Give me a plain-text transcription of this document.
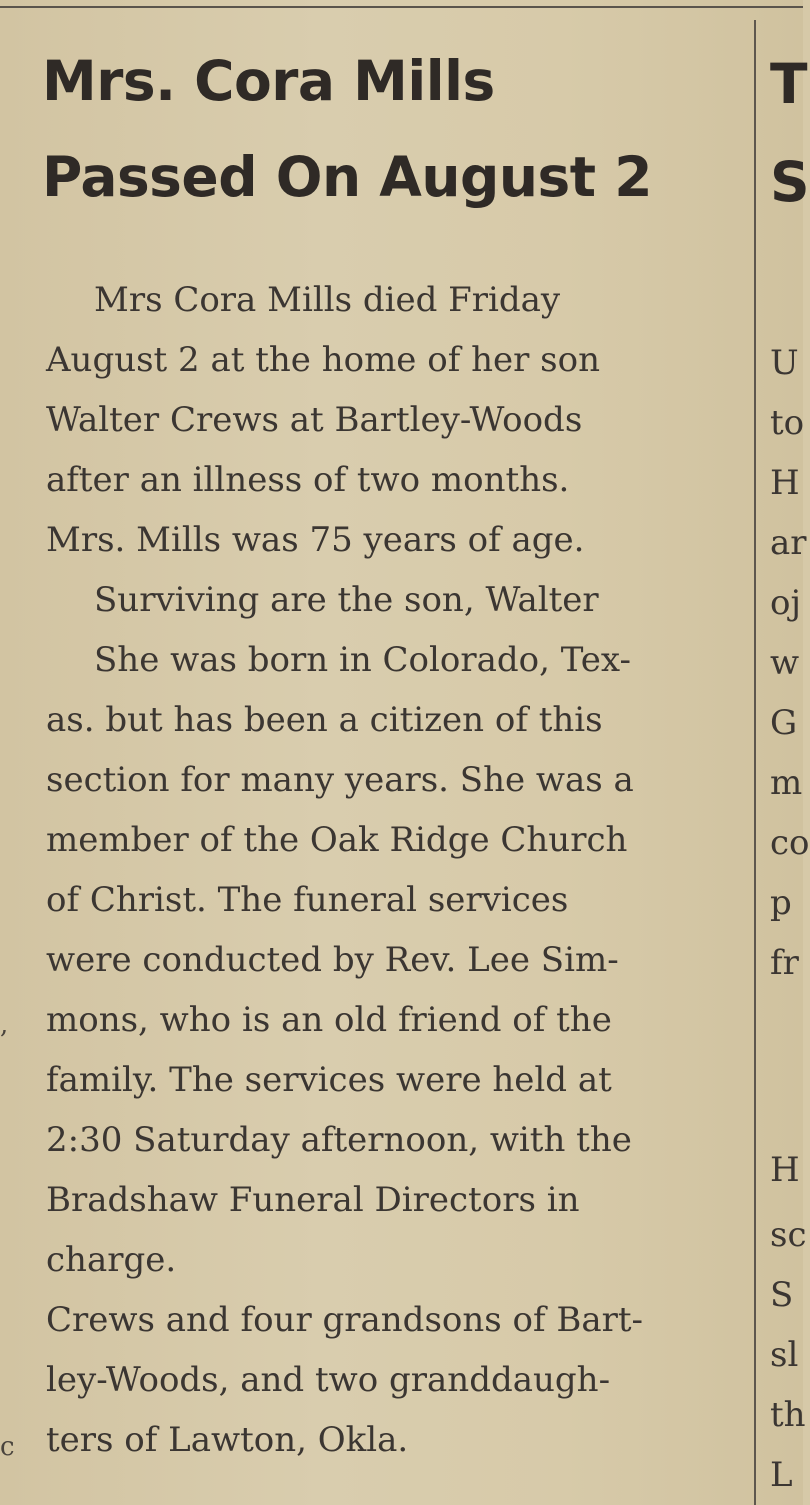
,
c
Mrs. Cora Mills
Passed On August 2
Mrs Cora Mills died Friday
August 2 at the home of her son
Walter Crews at Bartley-Woods
after an illness of two months.
Mrs. Mills was 75 years of age.
Surviving are the son, Walter
She was born in Colorado, Tex-
as. but has been a citizen of this
section for many years. She was a
member of the Oak Ridge Church
of Christ. The funeral services
were conducted by Rev. Lee Sim-
mons, who is an old friend of the
family. The services were held at
2:30 Saturday afternoon, with the
Bradshaw Funeral Directors in
charge.
Crews and four grandsons of Bart-
ley-Woods, and two granddaugh-
ters of Lawton, Okla.
T
S
U
to
H
ar
oj
w
G
m
co
p
fr
H
sc
S
sl
th
L
